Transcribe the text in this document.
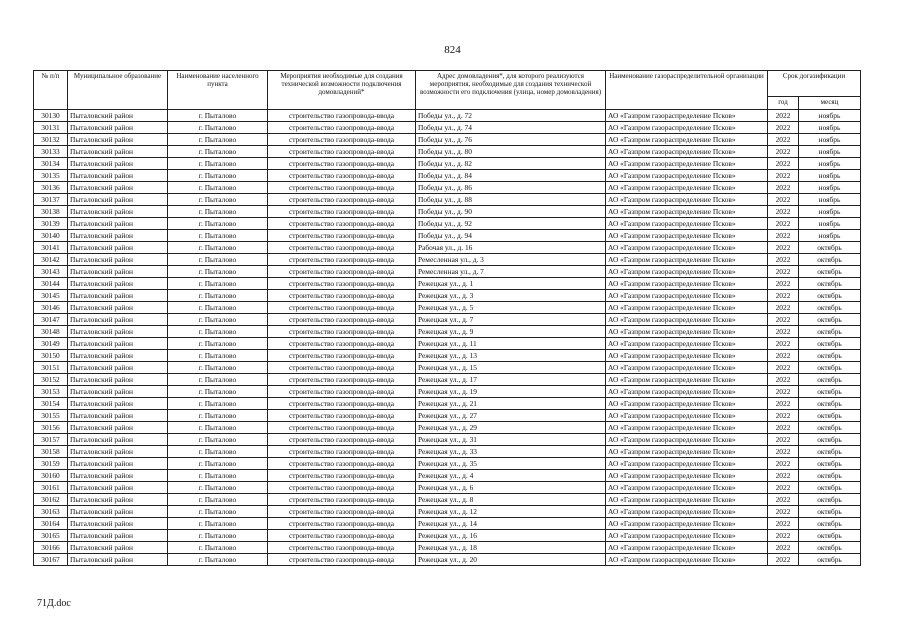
824
№ п/п	Муниципальное образование	Наименование населенного пункта	Мероприятия необходимые для создания технической возможности подключения домовладений*	Адрес домовладения*, для которого реализуются мероприятия, необходимые для создания технической возможности его подключения (улица, номер домовладения)	Наименование газораспределительной организации	Срок догазификации	
						год	месяц
30130	Пыталовский район	г. Пыталово	строительство газопровода-ввода	Победы ул., д. 72	АО «Газпром газораспределение Псков»	2022	ноябрь
30131	Пыталовский район	г. Пыталово	строительство газопровода-ввода	Победы ул., д. 74	АО «Газпром газораспределение Псков»	2022	ноябрь
30132	Пыталовский район	г. Пыталово	строительство газопровода-ввода	Победы ул., д. 76	АО «Газпром газораспределение Псков»	2022	ноябрь
30133	Пыталовский район	г. Пыталово	строительство газопровода-ввода	Победы ул., д. 80	АО «Газпром газораспределение Псков»	2022	ноябрь
30134	Пыталовский район	г. Пыталово	строительство газопровода-ввода	Победы ул., д. 82	АО «Газпром газораспределение Псков»	2022	ноябрь
30135	Пыталовский район	г. Пыталово	строительство газопровода-ввода	Победы ул., д. 84	АО «Газпром газораспределение Псков»	2022	ноябрь
30136	Пыталовский район	г. Пыталово	строительство газопровода-ввода	Победы ул., д. 86	АО «Газпром газораспределение Псков»	2022	ноябрь
30137	Пыталовский район	г. Пыталово	строительство газопровода-ввода	Победы ул., д. 88	АО «Газпром газораспределение Псков»	2022	ноябрь
30138	Пыталовский район	г. Пыталово	строительство газопровода-ввода	Победы ул., д. 90	АО «Газпром газораспределение Псков»	2022	ноябрь
30139	Пыталовский район	г. Пыталово	строительство газопровода-ввода	Победы ул., д. 92	АО «Газпром газораспределение Псков»	2022	ноябрь
30140	Пыталовский район	г. Пыталово	строительство газопровода-ввода	Победы ул., д. 94	АО «Газпром газораспределение Псков»	2022	ноябрь
30141	Пыталовский район	г. Пыталово	строительство газопровода-ввода	Рабочая ул., д. 16	АО «Газпром газораспределение Псков»	2022	октябрь
30142	Пыталовский район	г. Пыталово	строительство газопровода-ввода	Ремесленная ул., д. 3	АО «Газпром газораспределение Псков»	2022	октябрь
30143	Пыталовский район	г. Пыталово	строительство газопровода-ввода	Ремесленная ул., д. 7	АО «Газпром газораспределение Псков»	2022	октябрь
30144	Пыталовский район	г. Пыталово	строительство газопровода-ввода	Режецкая ул., д. 1	АО «Газпром газораспределение Псков»	2022	октябрь
30145	Пыталовский район	г. Пыталово	строительство газопровода-ввода	Режецкая ул., д. 3	АО «Газпром газораспределение Псков»	2022	октябрь
30146	Пыталовский район	г. Пыталово	строительство газопровода-ввода	Режецкая ул., д. 5	АО «Газпром газораспределение Псков»	2022	октябрь
30147	Пыталовский район	г. Пыталово	строительство газопровода-ввода	Режецкая ул., д. 7	АО «Газпром газораспределение Псков»	2022	октябрь
30148	Пыталовский район	г. Пыталово	строительство газопровода-ввода	Режецкая ул., д. 9	АО «Газпром газораспределение Псков»	2022	октябрь
30149	Пыталовский район	г. Пыталово	строительство газопровода-ввода	Режецкая ул., д. 11	АО «Газпром газораспределение Псков»	2022	октябрь
30150	Пыталовский район	г. Пыталово	строительство газопровода-ввода	Режецкая ул., д. 13	АО «Газпром газораспределение Псков»	2022	октябрь
30151	Пыталовский район	г. Пыталово	строительство газопровода-ввода	Режецкая ул., д. 15	АО «Газпром газораспределение Псков»	2022	октябрь
30152	Пыталовский район	г. Пыталово	строительство газопровода-ввода	Режецкая ул., д. 17	АО «Газпром газораспределение Псков»	2022	октябрь
30153	Пыталовский район	г. Пыталово	строительство газопровода-ввода	Режецкая ул., д. 19	АО «Газпром газораспределение Псков»	2022	октябрь
30154	Пыталовский район	г. Пыталово	строительство газопровода-ввода	Режецкая ул., д. 21	АО «Газпром газораспределение Псков»	2022	октябрь
30155	Пыталовский район	г. Пыталово	строительство газопровода-ввода	Режецкая ул., д. 27	АО «Газпром газораспределение Псков»	2022	октябрь
30156	Пыталовский район	г. Пыталово	строительство газопровода-ввода	Режецкая ул., д. 29	АО «Газпром газораспределение Псков»	2022	октябрь
30157	Пыталовский район	г. Пыталово	строительство газопровода-ввода	Режецкая ул., д. 31	АО «Газпром газораспределение Псков»	2022	октябрь
30158	Пыталовский район	г. Пыталово	строительство газопровода-ввода	Режецкая ул., д. 33	АО «Газпром газораспределение Псков»	2022	октябрь
30159	Пыталовский район	г. Пыталово	строительство газопровода-ввода	Режецкая ул., д. 35	АО «Газпром газораспределение Псков»	2022	октябрь
30160	Пыталовский район	г. Пыталово	строительство газопровода-ввода	Режецкая ул., д. 4	АО «Газпром газораспределение Псков»	2022	октябрь
30161	Пыталовский район	г. Пыталово	строительство газопровода-ввода	Режецкая ул., д. 6	АО «Газпром газораспределение Псков»	2022	октябрь
30162	Пыталовский район	г. Пыталово	строительство газопровода-ввода	Режецкая ул., д. 8	АО «Газпром газораспределение Псков»	2022	октябрь
30163	Пыталовский район	г. Пыталово	строительство газопровода-ввода	Режецкая ул., д. 12	АО «Газпром газораспределение Псков»	2022	октябрь
30164	Пыталовский район	г. Пыталово	строительство газопровода-ввода	Режецкая ул., д. 14	АО «Газпром газораспределение Псков»	2022	октябрь
30165	Пыталовский район	г. Пыталово	строительство газопровода-ввода	Режецкая ул., д. 16	АО «Газпром газораспределение Псков»	2022	октябрь
30166	Пыталовский район	г. Пыталово	строительство газопровода-ввода	Режецкая ул., д. 18	АО «Газпром газораспределение Псков»	2022	октябрь
30167	Пыталовский район	г. Пыталово	строительство газопровода-ввода	Режецкая ул., д. 20	АО «Газпром газораспределение Псков»	2022	октябрь
71Д.doc
